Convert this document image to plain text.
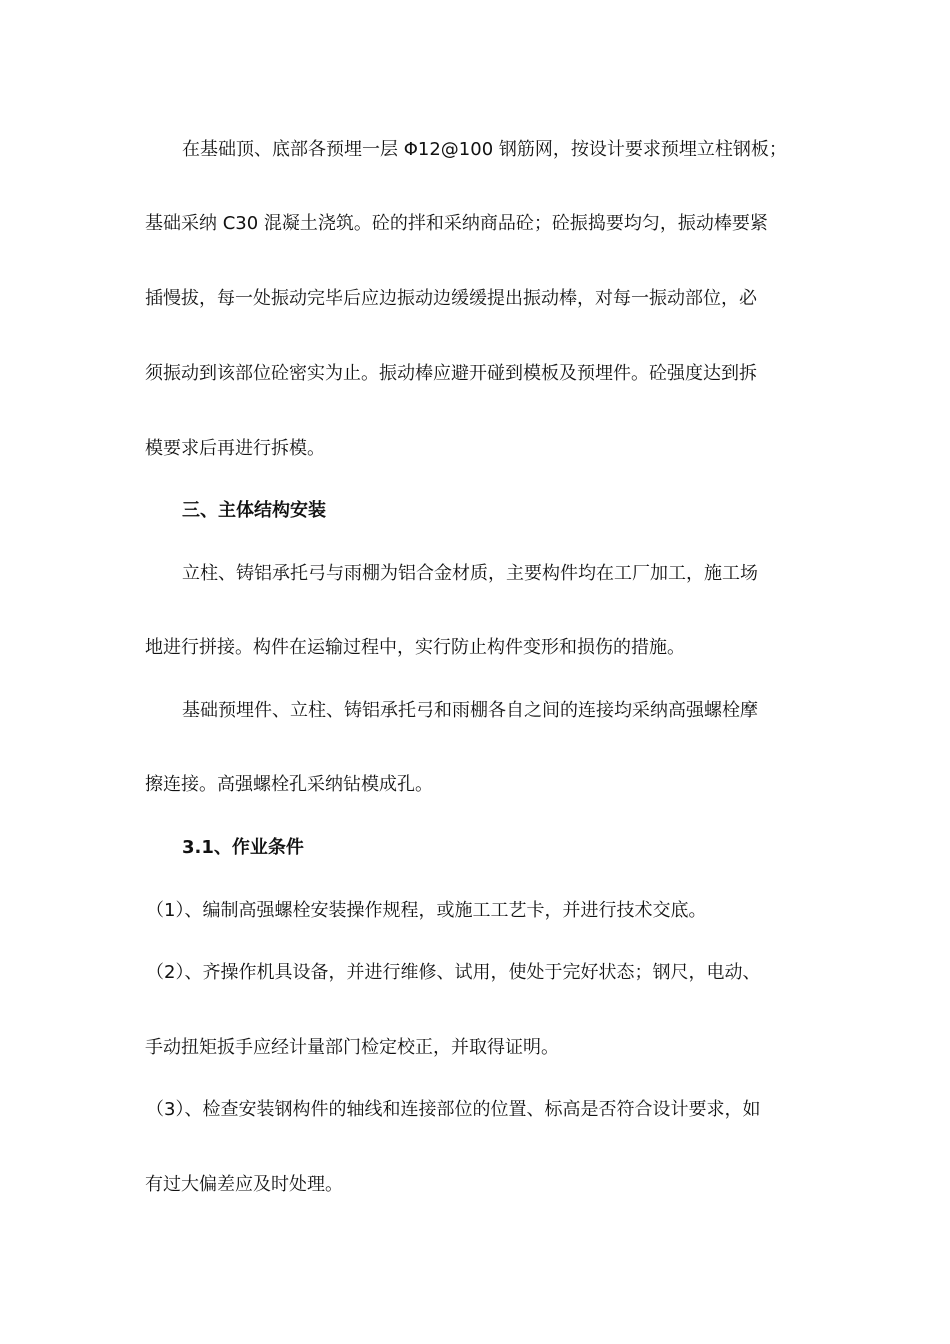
在基础顶、底部各预埋一层 Φ12@100 钢筋网，按设计要求预埋立柱钢板；
基础采纳 C30 混凝土浇筑。砼的拌和采纳商品砼；砼振捣要均匀，振动棒要紧
插慢拔，每一处振动完毕后应边振动边缓缓提出振动棒，对每一振动部位，必
须振动到该部位砼密实为止。振动棒应避开碰到模板及预埋件。砼强度达到拆
模要求后再进行拆模。
三、主体结构安装
立柱、铸铝承托弓与雨棚为铝合金材质，主要构件均在工厂加工，施工场
地进行拼接。构件在运输过程中，实行防止构件变形和损伤的措施。
基础预埋件、立柱、铸铝承托弓和雨棚各自之间的连接均采纳高强螺栓摩
擦连接。高强螺栓孔采纳钻模成孔。
3.1、作业条件
（1）、编制高强螺栓安装操作规程，或施工工艺卡，并进行技术交底。
（2）、齐操作机具设备，并进行维修、试用，使处于完好状态；钢尺，电动、
手动扭矩扳手应经计量部门检定校正，并取得证明。
（3）、检查安装钢构件的轴线和连接部位的位置、标高是否符合设计要求，如
有过大偏差应及时处理。
